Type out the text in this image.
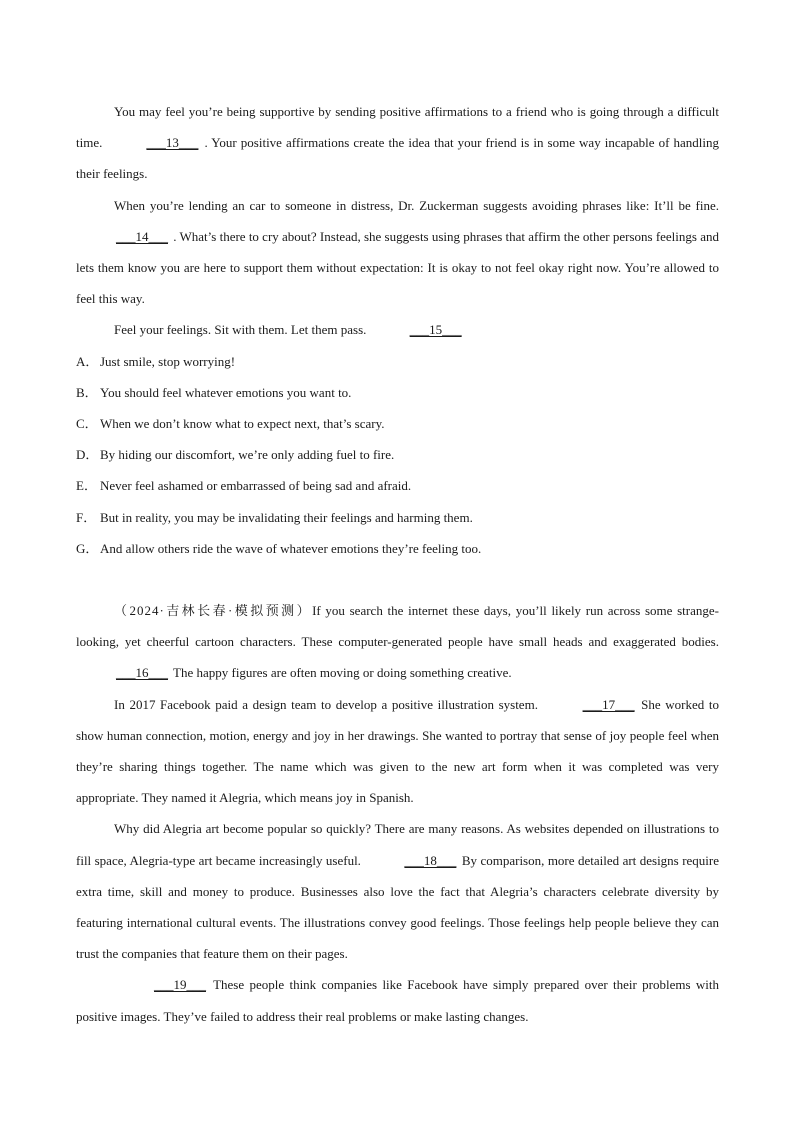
You may feel you’re being supportive by sending positive affirmations to a friend who is going through a difficult time.	___13___ . Your positive affirmations create the idea that your friend is in some way incapable of handling their feelings.

When you’re lending an car to someone in distress, Dr. Zuckerman suggests avoiding phrases like: It’ll be fine. ___14___ . What’s there to cry about? Instead, she suggests using phrases that affirm the other persons feelings and lets them know you are here to support them without expectation: It is okay to not feel okay right now. You’re allowed to feel this way.

Feel your feelings. Sit with them. Let them pass.	___15___

A． Just smile, stop worrying!

B． You should feel whatever emotions you want to.

C． When we don’t know what to expect next, that’s scary.

D． By hiding our discomfort, we’re only adding fuel to fire.

E． Never feel ashamed or embarrassed of being sad and afraid.

F． But in reality, you may be invalidating their feelings and harming them.

G． And allow others ride the wave of whatever emotions they’re feeling too.

（2024·吉林长春·模拟预测）If you search the internet these days, you’ll likely run across some strange-looking, yet cheerful cartoon characters. These computer-generated people have small heads and exaggerated bodies. ___16___ The happy figures are often moving or doing something creative.

In 2017 Facebook paid a design team to develop a positive illustration system.	___17___ She worked to show human connection, motion, energy and joy in her drawings. She wanted to portray that sense of joy people feel when they’re sharing things together. The name which was given to the new art form when it was completed was very appropriate. They named it Alegria, which means joy in Spanish.

Why did Alegria art become popular so quickly? There are many reasons. As websites depended on illustrations to fill space, Alegria-type art became increasingly useful.	___18___ By comparison, more detailed art designs require extra time, skill and money to produce. Businesses also love the fact that Alegria’s characters celebrate diversity by featuring international cultural events. The illustrations convey good feelings. Those feelings help people believe they can trust the companies that feature them on their pages.

___19___ These people think companies like Facebook have simply prepared over their problems with positive images. They’ve failed to address their real problems or make lasting changes.
